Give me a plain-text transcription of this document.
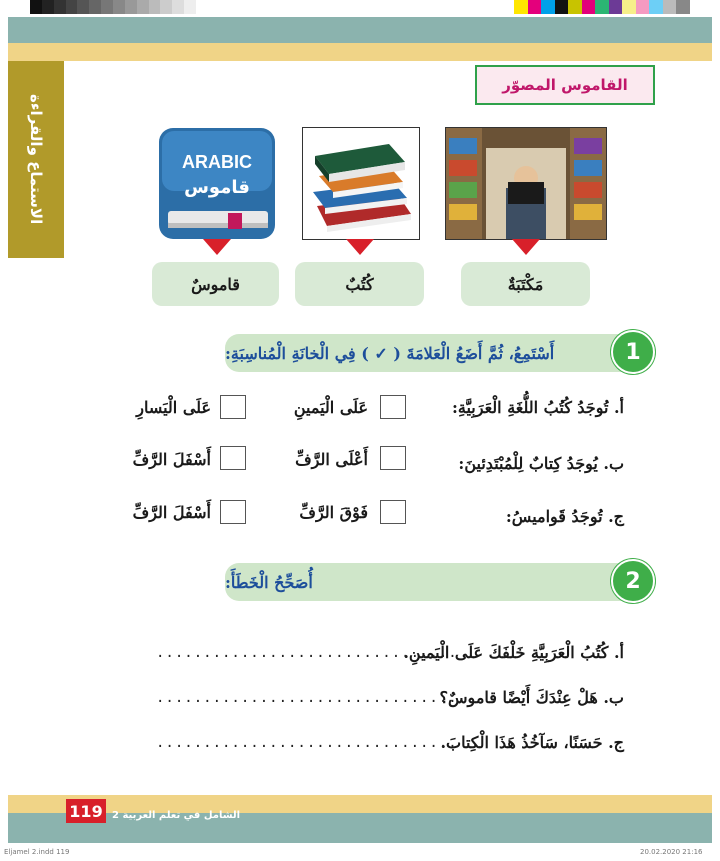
الاستماع والقراءة
القاموس المصوّر
ARABIC
قاموس
مَكْتَبَةٌ
كُتُبٌ
قاموسٌ
أَسْتَمِعُ، ثُمَّ أَضَعُ الْعَلامَةَ ( ✓ ) فِي الْخانَةِ الْمُناسِبَةِ:	1
أ. تُوجَدُ كُتُبُ اللُّغَةِ الْعَرَبِيَّةِ:
عَلَى الْيَمينِ
عَلَى الْيَسارِ
ب. يُوجَدُ كِتابٌ لِلْمُبْتَدِئينَ:
أَعْلَى الرَّفِّ
أَسْفَلَ الرَّفِّ
ج. تُوجَدُ قَواميسُ:
فَوْقَ الرَّفِّ
أَسْفَلَ الرَّفِّ
أُصَحِّحُ الْخَطَأَ:	2
أ. كُتُبُ الْعَرَبِيَّةِ خَلْفَكَ عَلَى الْيَمينِ.
................................
ب. هَلْ عِنْدَكَ أَيْضًا قاموسٌ؟
................................
ج. حَسَنًا، سَآخُذُ هَذَا الْكِتابَ.
................................
119 الشامل في تعلم العربية 2
Eljamel 2.indd 119	20.02.2020 21:16
